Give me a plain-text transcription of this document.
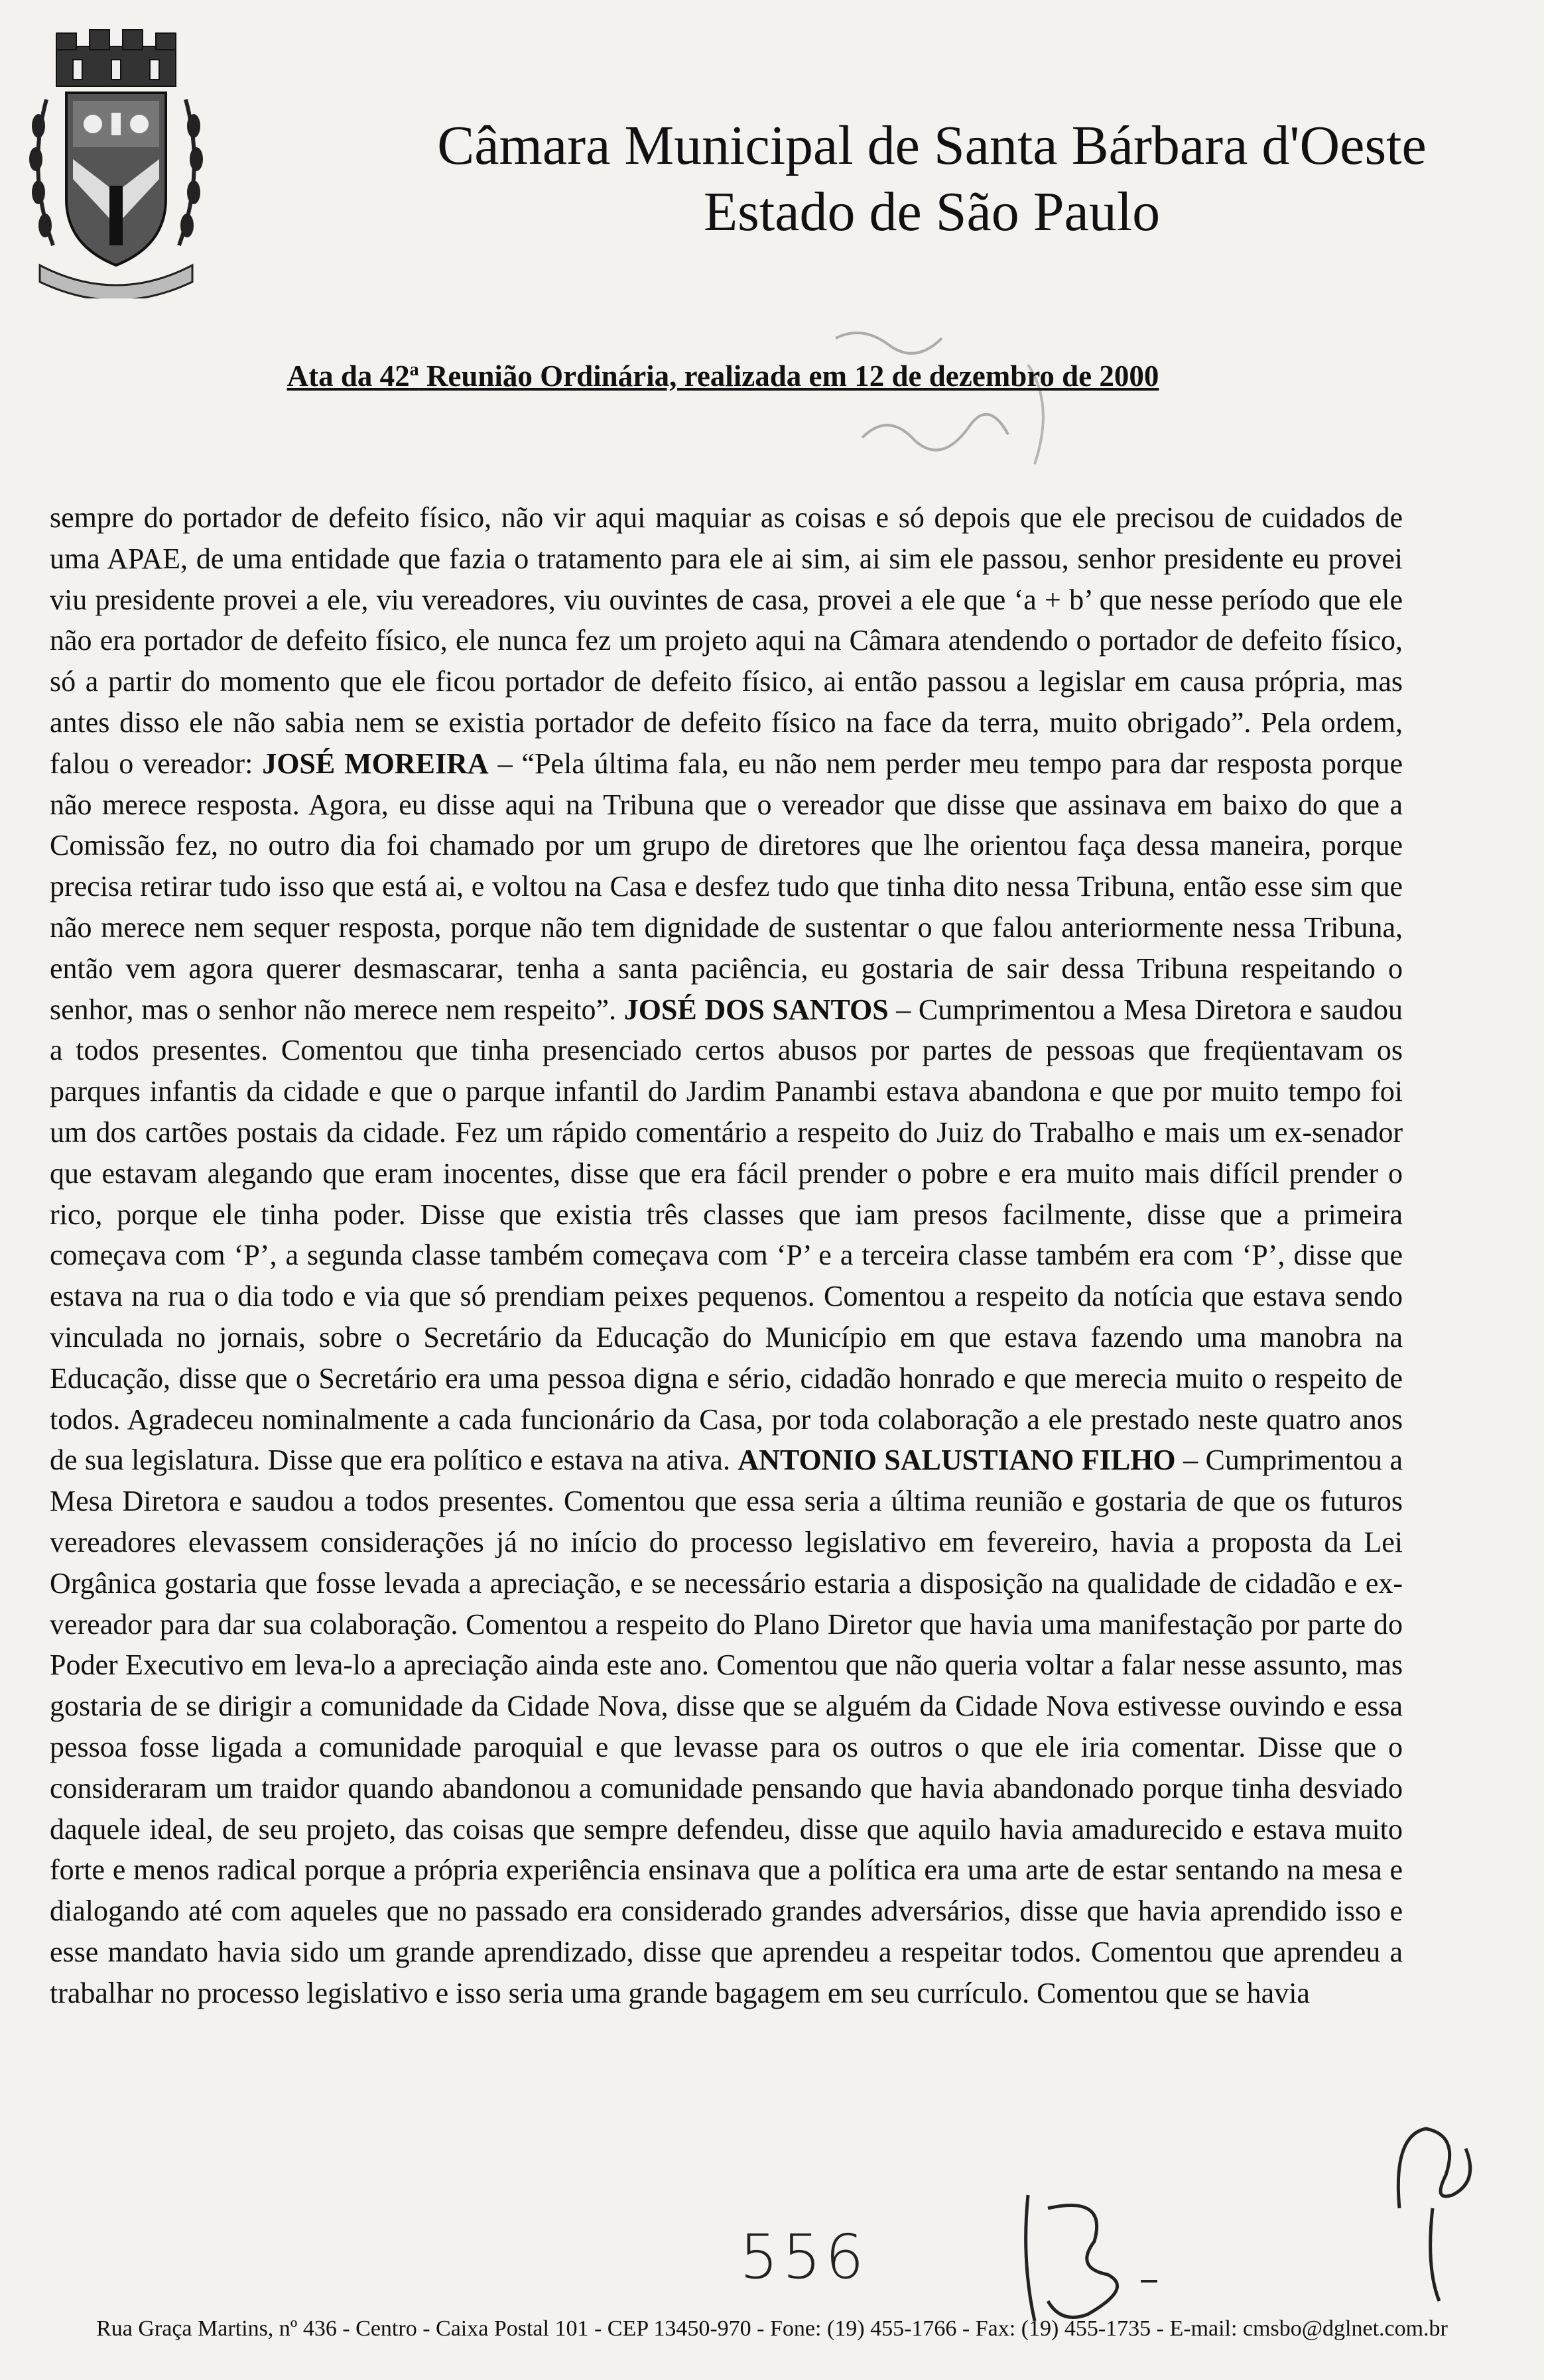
Câmara Municipal de Santa Bárbara d'Oeste

Estado de São Paulo

Ata da 42$^a$ Reunião Ordinária, realizada em 12 de dezembro de 2000

sempre do portador de defeito físico, não vir aqui maquiar as coisas e só depois que ele precisou de cuidados de uma APAE, de uma entidade que fazia o tratamento para ele ai sim, ai sim ele passou, senhor presidente eu provei viu presidente provei a ele, viu vereadores, viu ouvintes de casa, provei a ele que ‘a + b’ que nesse período que ele não era portador de defeito físico, ele nunca fez um projeto aqui na Câmara atendendo o portador de defeito físico, só a partir do momento que ele ficou portador de defeito físico, ai então passou a legislar em causa própria, mas antes disso ele não sabia nem se existia portador de defeito físico na face da terra, muito obrigado”. Pela ordem, falou o vereador: JOSÉ MOREIRA – “Pela última fala, eu não nem perder meu tempo para dar resposta porque não merece resposta. Agora, eu disse aqui na Tribuna que o vereador que disse que assinava em baixo do que a Comissão fez, no outro dia foi chamado por um grupo de diretores que lhe orientou faça dessa maneira, porque precisa retirar tudo isso que está ai, e voltou na Casa e desfez tudo que tinha dito nessa Tribuna, então esse sim que não merece nem sequer resposta, porque não tem dignidade de sustentar o que falou anteriormente nessa Tribuna, então vem agora querer desmascarar, tenha a santa paciência, eu gostaria de sair dessa Tribuna respeitando o senhor, mas o senhor não merece nem respeito”. JOSÉ DOS SANTOS – Cumprimentou a Mesa Diretora e saudou a todos presentes. Comentou que tinha presenciado certos abusos por partes de pessoas que freqüentavam os parques infantis da cidade e que o parque infantil do Jardim Panambi estava abandona e que por muito tempo foi um dos cartões postais da cidade. Fez um rápido comentário a respeito do Juiz do Trabalho e mais um ex-senador que estavam alegando que eram inocentes, disse que era fácil prender o pobre e era muito mais difícil prender o rico, porque ele tinha poder. Disse que existia três classes que iam presos facilmente, disse que a primeira começava com ‘P’, a segunda classe também começava com ‘P’ e a terceira classe também era com ‘P’, disse que estava na rua o dia todo e via que só prendiam peixes pequenos. Comentou a respeito da notícia que estava sendo vinculada no jornais, sobre o Secretário da Educação do Município em que estava fazendo uma manobra na Educação, disse que o Secretário era uma pessoa digna e sério, cidadão honrado e que merecia muito o respeito de todos. Agradeceu nominalmente a cada funcionário da Casa, por toda colaboração a ele prestado neste quatro anos de sua legislatura. Disse que era político e estava na ativa. ANTONIO SALUSTIANO FILHO – Cumprimentou a Mesa Diretora e saudou a todos presentes. Comentou que essa seria a última reunião e gostaria de que os futuros vereadores elevassem considerações já no início do processo legislativo em fevereiro, havia a proposta da Lei Orgânica gostaria que fosse levada a apreciação, e se necessário estaria a disposição na qualidade de cidadão e ex-vereador para dar sua colaboração. Comentou a respeito do Plano Diretor que havia uma manifestação por parte do Poder Executivo em leva-lo a apreciação ainda este ano. Comentou que não queria voltar a falar nesse assunto, mas gostaria de se dirigir a comunidade da Cidade Nova, disse que se alguém da Cidade Nova estivesse ouvindo e essa pessoa fosse ligada a comunidade paroquial e que levasse para os outros o que ele iria comentar. Disse que o consideraram um traidor quando abandonou a comunidade pensando que havia abandonado porque tinha desviado daquele ideal, de seu projeto, das coisas que sempre defendeu, disse que aquilo havia amadurecido e estava muito forte e menos radical porque a própria experiência ensinava que a política era uma arte de estar sentando na mesa e dialogando até com aqueles que no passado era considerado grandes adversários, disse que havia aprendido isso e esse mandato havia sido um grande aprendizado, disse que aprendeu a respeitar todos. Comentou que aprendeu a trabalhar no processo legislativo e isso seria uma grande bagagem em seu currículo. Comentou que se havia

556
Rua Graça Martins, nº 436 - Centro - Caixa Postal 101 - CEP 13450-970 - Fone: (19) 455-1766 - Fax: (19) 455-1735 - E-mail: cmsbo@dglnet.com.br
